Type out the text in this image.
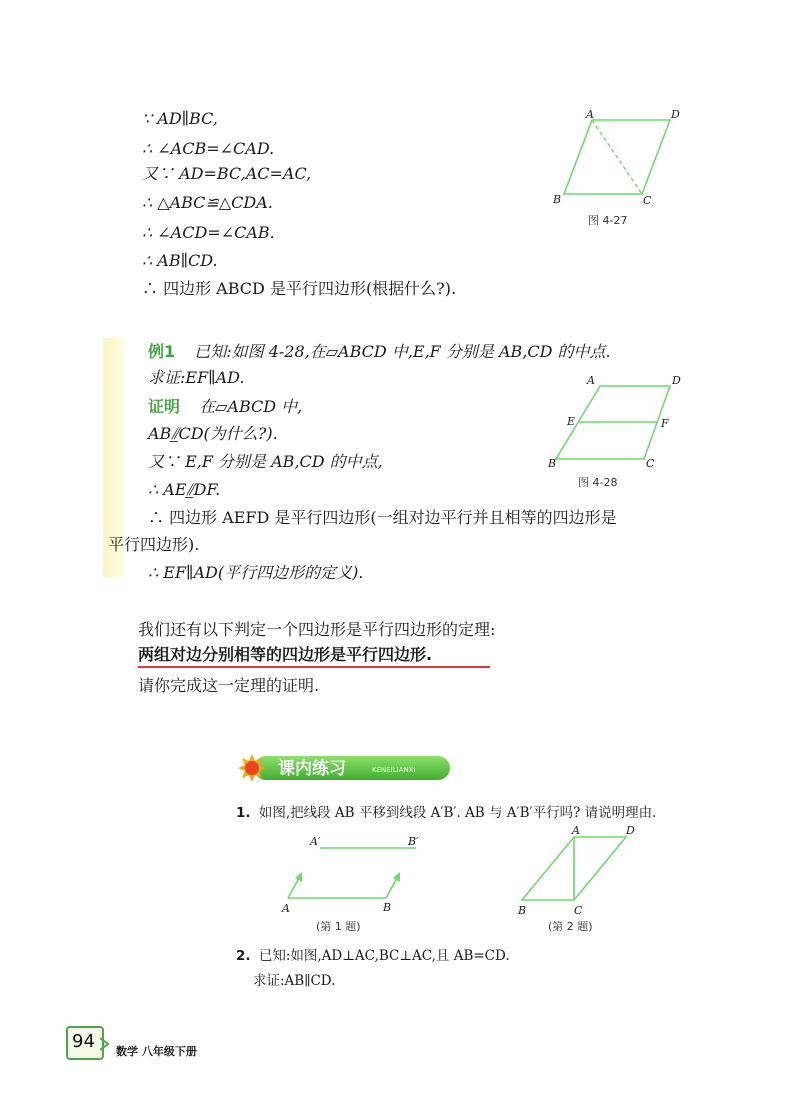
∵ AD∥BC,
∴ ∠ACB=∠CAD.
又∵ AD=BC,AC=AC,
∴ △ABC≌△CDA.
∴ ∠ACD=∠CAB.
∴ AB∥CD.
∴ 四边形 ABCD 是平行四边形(根据什么?).
A	D
B	C
图 4-27
例1 已知:如图 4-28,在▱ABCD 中,E,F 分别是 AB,CD 的中点.
求证:EF∥AD.
证明 在▱ABCD 中,
AB⫽̲CD(为什么?).
又∵ E,F 分别是 AB,CD 的中点,
∴ AE⫽̲DF.
∴ 四边形 AEFD 是平行四边形(一组对边平行并且相等的四边形是
平行四边形).
∴ EF∥AD(平行四边形的定义).
A	D
E	F
B	C
图 4-28
我们还有以下判定一个四边形是平行四边形的定理:
两组对边分别相等的四边形是平行四边形.
请你完成这一定理的证明.
课内练习	KENEILIANXI
1. 如图,把线段 AB 平移到线段 A′B′. AB 与 A′B′平行吗? 请说明理由.
A′	B′
A	B
(第 1 题)
A	D
B	C
(第 2 题)
2. 已知:如图,AD⊥AC,BC⊥AC,且 AB=CD.
求证:AB∥CD.
94 数学 八年级下册
